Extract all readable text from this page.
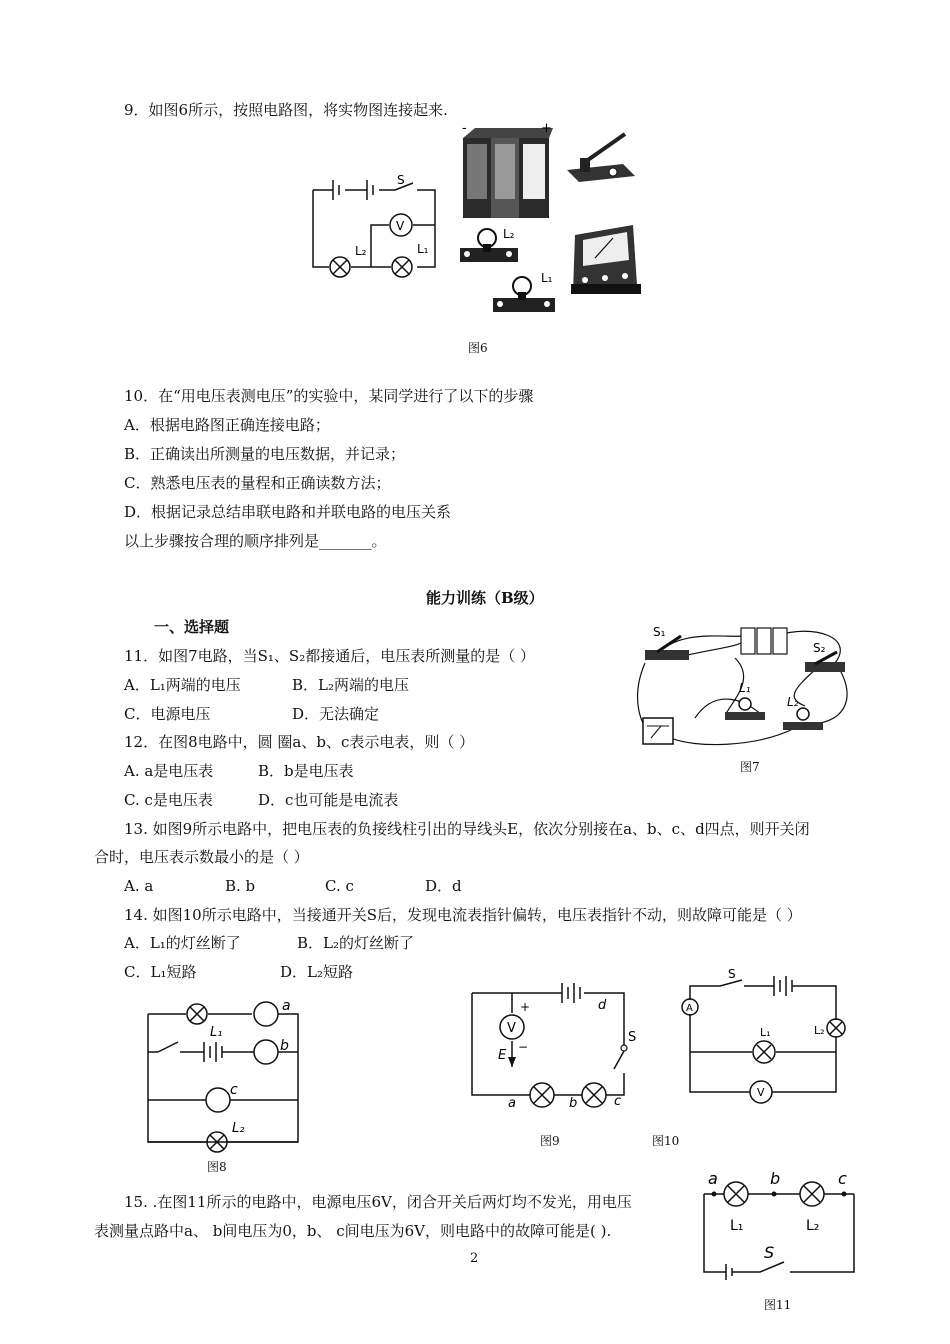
9．如图6所示，按照电路图，将实物图连接起来.
S
V
L₂	L₁
-	+
L₂
L₁
图6
10．在“用电压表测电压”的实验中，某同学进行了以下的步骤
A．根据电路图正确连接电路；
B．正确读出所测量的电压数据，并记录；
C．熟悉电压表的量程和正确读数方法；
D．根据记录总结串联电路和并联电路的电压关系
以上步骤按合理的顺序排列是_______。
能力训练（B级）
一、选择题
11．如图7电路，当S₁、S₂都接通后，电压表所测量的是（ ）
A．L₁两端的电压	B．L₂两端的电压
C．电源电压	D．无法确定
S₁
S₂
L₁
L₂
图7
12．在图8电路中，圆 圈a、b、c表示电表，则（ ）
A. a是电压表	B．b是电压表
C. c是电压表	D．c也可能是电流表
13. 如图9所示电路中，把电压表的负接线柱引出的导线头E，依次分别接在a、b、c、d四点，则开关闭
合时，电压表示数最小的是（ ）
A. a	B. b	C. c	D．d
14. 如图10所示电路中，当接通开关S后，发现电流表指针偏转，电压表指针不动，则故障可能是（ ）
A．L₁的灯丝断了	B．L₂的灯丝断了
C．L₁短路	D．L₂短路
a
L₁
b
c
L₂
图8
V
+
−
E
d
S
a	b	c
图9
S
A
L₁	L₂
V
图10
15. .在图11所示的电路中，电源电压6V，闭合开关后两灯均不发光，用电压
表测量点路中a、 b间电压为0，b、 c间电压为6V，则电路中的故障可能是( ).
a	b	c
L₁	L₂
S
图11
2
